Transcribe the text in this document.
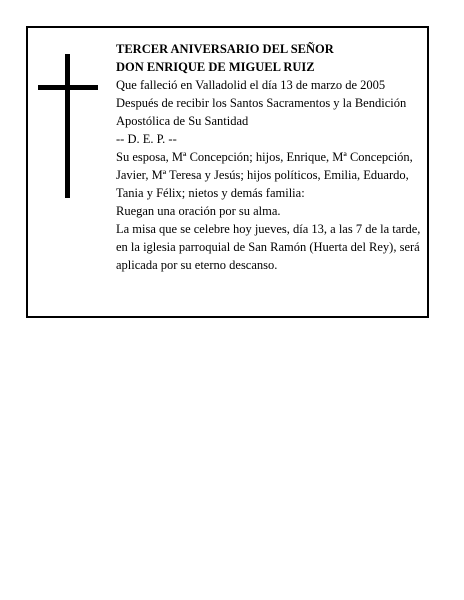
TERCER ANIVERSARIO DEL SEÑOR

DON ENRIQUE DE MIGUEL RUIZ

Que falleció en Valladolid el día 13 de marzo de 2005

Después de recibir los Santos Sacramentos y la Bendición Apostólica de Su Santidad

-- D. E. P. --

Su esposa, Mª Concepción; hijos, Enrique, Mª Concepción, Javier, Mª Teresa y Jesús; hijos políticos, Emilia, Eduardo, Tania y Félix; nietos y demás familia:

Ruegan una oración por su alma.

La misa que se celebre hoy jueves, día 13, a las 7 de la tarde, en la iglesia parroquial de San Ramón (Huerta del Rey), será aplicada por su eterno descanso.
